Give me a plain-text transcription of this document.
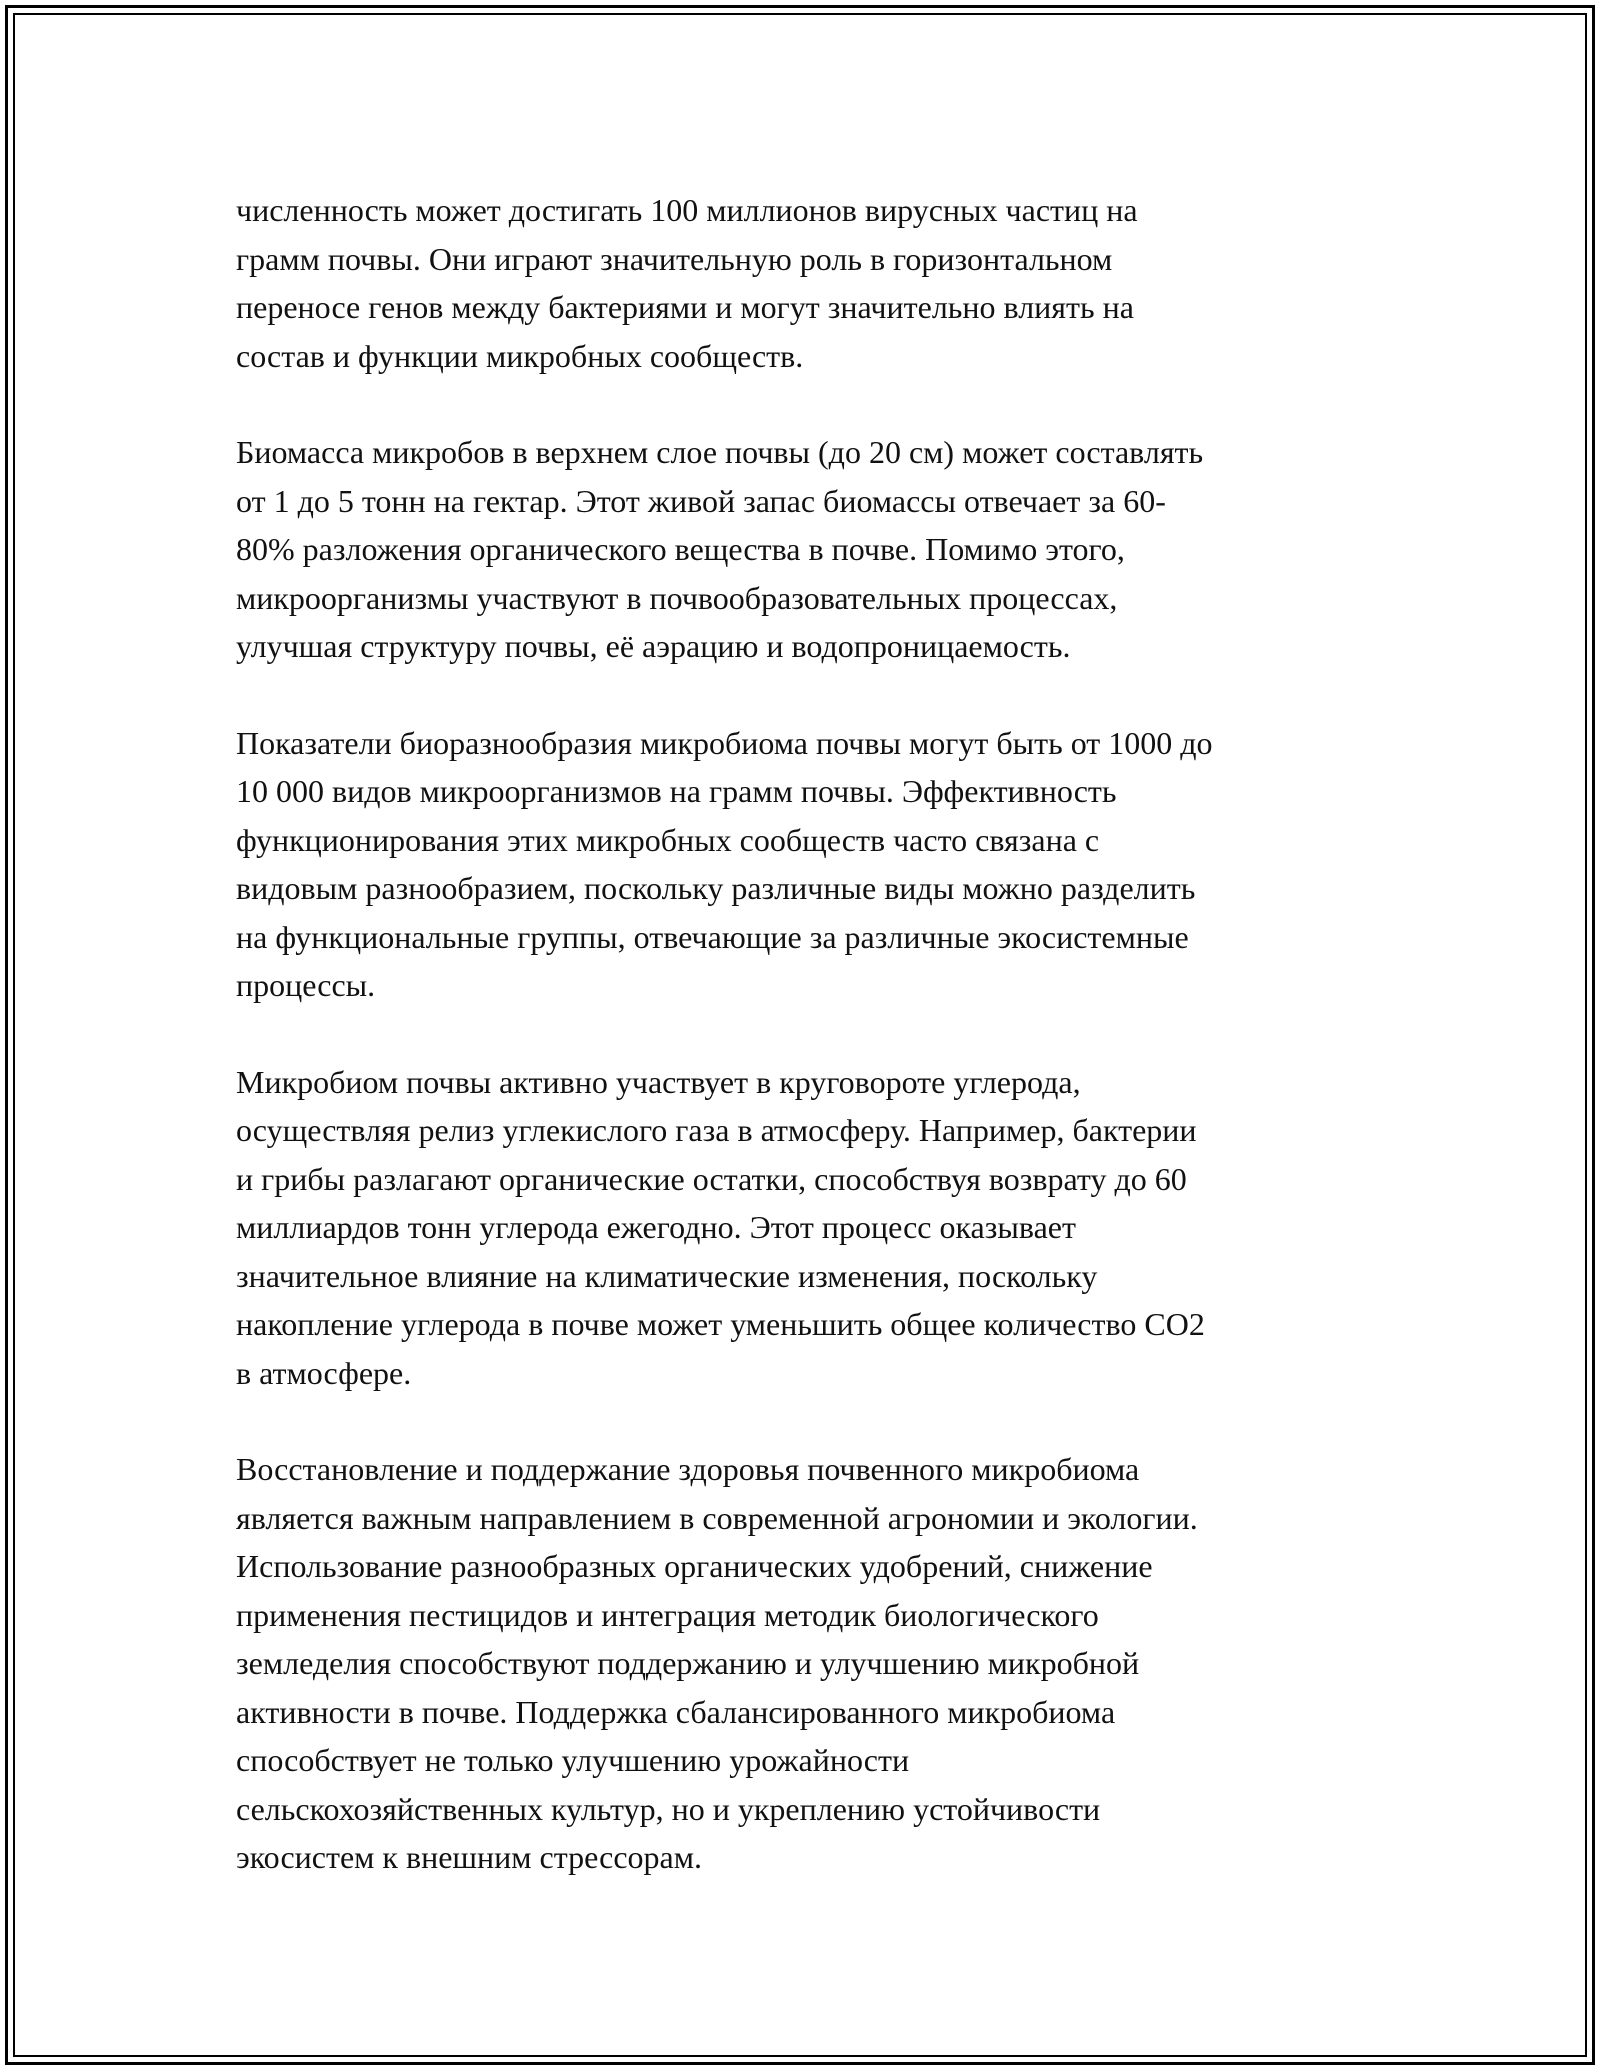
численность может достигать 100 миллионов вирусных частиц на
грамм почвы. Они играют значительную роль в горизонтальном
переносе генов между бактериями и могут значительно влиять на
состав и функции микробных сообществ.

Биомасса микробов в верхнем слое почвы (до 20 см) может составлять
от 1 до 5 тонн на гектар. Этот живой запас биомассы отвечает за 60-
80% разложения органического вещества в почве. Помимо этого,
микроорганизмы участвуют в почвообразовательных процессах,
улучшая структуру почвы, её аэрацию и водопроницаемость.

Показатели биоразнообразия микробиома почвы могут быть от 1000 до
10 000 видов микроорганизмов на грамм почвы. Эффективность
функционирования этих микробных сообществ часто связана с
видовым разнообразием, поскольку различные виды можно разделить
на функциональные группы, отвечающие за различные экосистемные
процессы.

Микробиом почвы активно участвует в круговороте углерода,
осуществляя релиз углекислого газа в атмосферу. Например, бактерии
и грибы разлагают органические остатки, способствуя возврату до 60
миллиардов тонн углерода ежегодно. Этот процесс оказывает
значительное влияние на климатические изменения, поскольку
накопление углерода в почве может уменьшить общее количество CO2
в атмосфере.

Восстановление и поддержание здоровья почвенного микробиома
является важным направлением в современной агрономии и экологии.
Использование разнообразных органических удобрений, снижение
применения пестицидов и интеграция методик биологического
земледелия способствуют поддержанию и улучшению микробной
активности в почве. Поддержка сбалансированного микробиома
способствует не только улучшению урожайности
сельскохозяйственных культур, но и укреплению устойчивости
экосистем к внешним стрессорам.
